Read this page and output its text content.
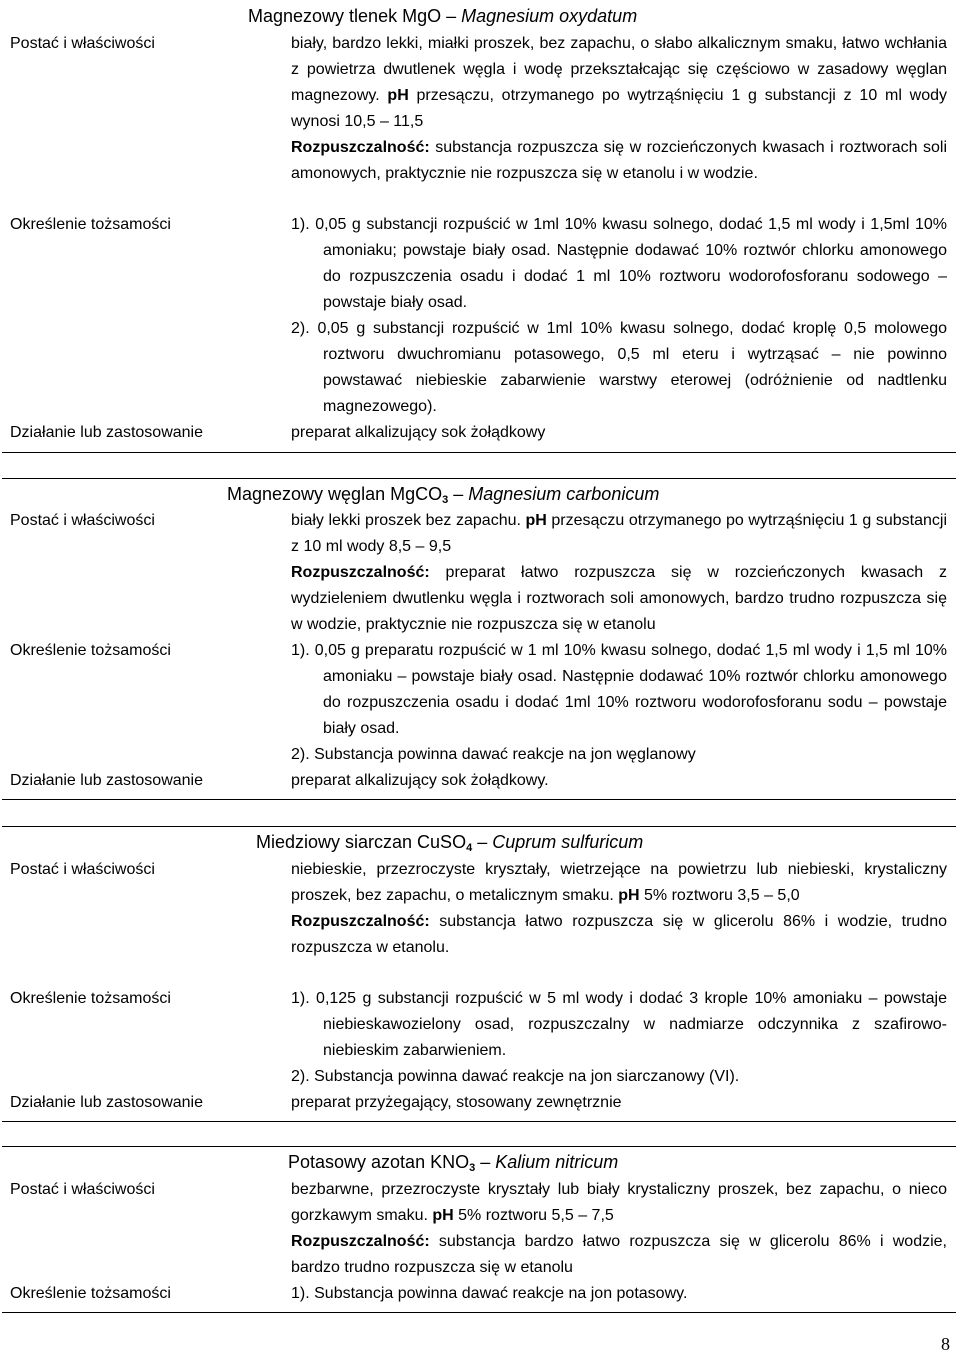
Magnezowy tlenek MgO – Magnesium oxydatum
Postać i właściwości	biały, bardzo lekki, miałki proszek, bez zapachu, o słabo alkalicznym smaku, łatwo wchłania z powietrza dwutlenek węgla i wodę przekształcając się częściowo w zasadowy węglan magnezowy. pH przesączu, otrzymanego po wytrząśnięciu 1 g substancji z 10 ml wody wynosi 10,5 – 11,5

Rozpuszczalność: substancja rozpuszcza się w rozcieńczonych kwasach i roztworach soli amonowych, praktycznie nie rozpuszcza się w etanolu i w wodzie.

Określenie tożsamości	1). 0,05 g substancji rozpuścić w 1ml 10% kwasu solnego, dodać 1,5 ml wody i 1,5ml 10% amoniaku; powstaje biały osad. Następnie dodawać 10% roztwór chlorku amonowego do rozpuszczenia osadu i dodać 1 ml 10% roztworu wodorofosforanu sodowego – powstaje biały osad.

2). 0,05 g substancji rozpuścić w 1ml 10% kwasu solnego, dodać kroplę 0,5 molowego roztworu dwuchromianu potasowego, 0,5 ml eteru i wytrząsać – nie powinno powstawać niebieskie zabarwienie warstwy eterowej (odróżnienie od nadtlenku magnezowego).

Działanie lub zastosowanie	preparat alkalizujący sok żołądkowy
Magnezowy węglan MgCO$_3$ – Magnesium carbonicum
Postać i właściwości	biały lekki proszek bez zapachu. pH przesączu otrzymanego po wytrząśnięciu 1 g substancji z 10 ml wody 8,5 – 9,5

Rozpuszczalność: preparat łatwo rozpuszcza się w rozcieńczonych kwasach z wydzieleniem dwutlenku węgla i roztworach soli amonowych, bardzo trudno rozpuszcza się w wodzie, praktycznie nie rozpuszcza się w etanolu

Określenie tożsamości	1). 0,05 g preparatu rozpuścić w 1 ml 10% kwasu solnego, dodać 1,5 ml wody i 1,5 ml 10% amoniaku – powstaje biały osad. Następnie dodawać 10% roztwór chlorku amonowego do rozpuszczenia osadu i dodać 1ml 10% roztworu wodorofosforanu sodu – powstaje biały osad.

2). Substancja powinna dawać reakcje na jon węglanowy

Działanie lub zastosowanie	preparat alkalizujący sok żołądkowy.
Miedziowy siarczan CuSO$_4$ – Cuprum sulfuricum
Postać i właściwości	niebieskie, przezroczyste kryształy, wietrzejące na powietrzu lub niebieski, krystaliczny proszek, bez zapachu, o metalicznym smaku. pH 5% roztworu 3,5 – 5,0

Rozpuszczalność: substancja łatwo rozpuszcza się w glicerolu 86% i wodzie, trudno rozpuszcza w etanolu.

Określenie tożsamości	1). 0,125 g substancji rozpuścić w 5 ml wody i dodać 3 krople 10% amoniaku – powstaje niebieskawozielony osad, rozpuszczalny w nadmiarze odczynnika z szafirowo-niebieskim zabarwieniem.

2). Substancja powinna dawać reakcje na jon siarczanowy (VI).

Działanie lub zastosowanie	preparat przyżegający, stosowany zewnętrznie
Potasowy azotan $KNO_3$ – Kalium nitricum
Postać i właściwości	bezbarwne, przezroczyste kryształy lub biały krystaliczny proszek, bez zapachu, o nieco gorzkawym smaku. pH 5% roztworu 5,5 – 7,5

Rozpuszczalność: substancja bardzo łatwo rozpuszcza się w glicerolu 86% i wodzie, bardzo trudno rozpuszcza się w etanolu

Określenie tożsamości	1). Substancja powinna dawać reakcje na jon potasowy.

8
